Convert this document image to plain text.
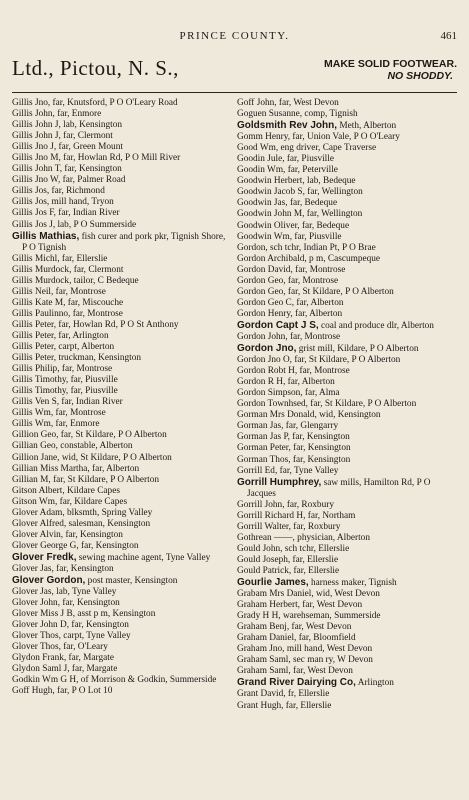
PRINCE COUNTY.	461
Ltd., Pictou, N. S.,	MAKE SOLID FOOTWEAR.
NO SHODDY.
Gillis Jno, far, Knutsford, P O O'Leary Road
Gillis John, far, Enmore
Gillis John J, lab, Kensington
Gillis John J, far, Clermont
Gillis Jno J, far, Green Mount
Gillis Jno M, far, Howlan Rd, P O Mill River
Gillis John T, far, Kensington
Gillis Jno W, far, Palmer Road
Gillis Jos, far, Richmond
Gillis Jos, mill hand, Tryon
Gillis Jos F, far, Indian River
Gillis Jos J, lab, P O Summerside
Gillis Mathias, fish curer and pork pkr, Tignish Shore, P O Tignish
Gillis Michl, far, Ellerslie
Gillis Murdock, far, Clermont
Gillis Murdock, tailor, C Bedeque
Gillis Neil, far, Montrose
Gillis Kate M, far, Miscouche
Gillis Paulinno, far, Montrose
Gillis Peter, far, Howlan Rd, P O St Anthony
Gillis Peter, far, Arlington
Gillis Peter, carpt, Alberton
Gillis Peter, truckman, Kensington
Gillis Philip, far, Montrose
Gillis Timothy, far, Piusville
Gillis Timothy, far, Piusville
Gillis Ven S, far, Indian River
Gillis Wm, far, Montrose
Gillis Wm, far, Enmore
Gillion Geo, far, St Kildare, P O Alberton
Gillian Geo, constable, Alberton
Gillion Jane, wid, St Kildare, P O Alberton
Gillian Miss Martha, far, Alberton
Gillian M, far, St Kildare, P O Alberton
Gitson Albert, Kildare Capes
Gitson Wm, far, Kildare Capes
Glover Adam, blksmth, Spring Valley
Glover Alfred, salesman, Kensington
Glover Alvin, far, Kensington
Glover George G, far, Kensington
Glover Fredk, sewing machine agent, Tyne Valley
Glover Jas, far, Kensington
Glover Gordon, post master, Kensington
Glover Jas, lab, Tyne Valley
Glover John, far, Kensington
Glover Miss J B, asst p m, Kensington
Glover John D, far, Kensington
Glover Thos, carpt, Tyne Valley
Glover Thos, far, O'Leary
Glydon Frank, far, Margate
Glydon Saml J, far, Margate
Godkin Wm G H, of Morrison & Godkin, Summerside
Goff Hugh, far, P O Lot 10
Goff John, far, West Devon
Goguen Susanne, comp, Tignish
Goldsmith Rev John, Meth, Alberton
Gomm Henry, far, Union Vale, P O O'Leary
Good Wm, eng driver, Cape Traverse
Goodin Jule, far, Piusville
Goodin Wm, far, Peterville
Goodwin Herbert, lab, Bedeque
Goodwin Jacob S, far, Wellington
Goodwin Jas, far, Bedeque
Goodwin John M, far, Wellington
Goodwin Oliver, far, Bedeque
Goodwin Wm, far, Piusville
Gordon, sch tchr, Indian Pt, P O Brae
Gordon Archibald, p m, Cascumpeque
Gordon David, far, Montrose
Gordon Geo, far, Montrose
Gordon Geo, far, St Kildare, P O Alberton
Gordon Geo C, far, Alberton
Gordon Henry, far, Alberton
Gordon Capt J S, coal and produce dlr, Alberton
Gordon John, far, Montrose
Gordon Jno, grist mill, Kildare, P O Alberton
Gordon Jno O, far, St Kildare, P O Alberton
Gordon Robt H, far, Montrose
Gordon R H, far, Alberton
Gordon Simpson, far, Alma
Gordon Townhsed, far, St Kildare, P O Alberton
Gorman Mrs Donald, wid, Kensington
Gorman Jas, far, Glengarry
Gorman Jas P, far, Kensington
Gorman Peter, far, Kensington
Gorman Thos, far, Kensington
Gorrill Ed, far, Tyne Valley
Gorrill Humphrey, saw mills, Hamilton Rd, P O Jacques
Gorrill John, far, Roxbury
Gorrill Richard H, far, Northam
Gorrill Walter, far, Roxbury
Gothrean ——, physician, Alberton
Gould John, sch tchr, Ellerslie
Gould Joseph, far, Ellerslie
Gould Patrick, far, Ellerslie
Gourlie James, harness maker, Tignish
Grabam Mrs Daniel, wid, West Devon
Graham Herbert, far, West Devon
Grady H H, warehseman, Summerside
Graham Benj, far, West Devon
Graham Daniel, far, Bloomfield
Graham Jno, mill hand, West Devon
Graham Saml, sec man ry, W Devon
Graham Saml, far, West Devon
Grand River Dairying Co, Arlington
Grant David, fr, Ellerslie
Grant Hugh, far, Ellerslie
